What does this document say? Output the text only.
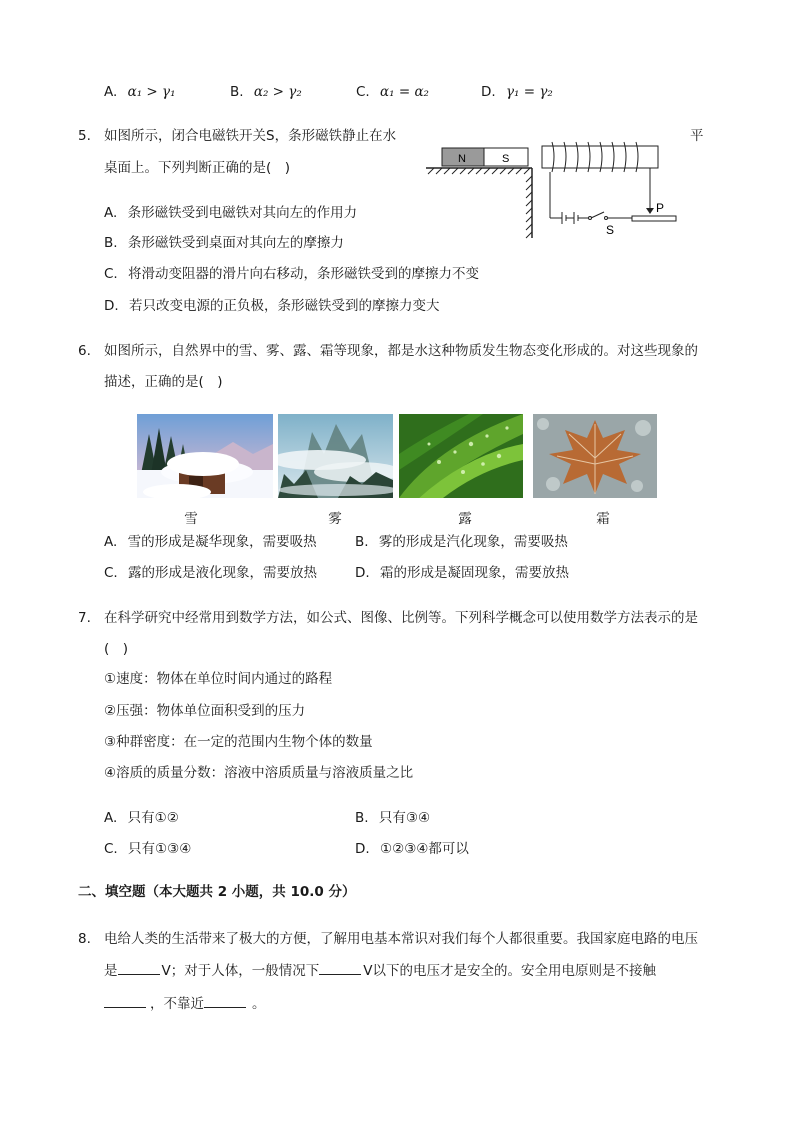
A. α₁ > γ₁	B. α₂ > γ₂	C. α₁ = α₂	D. γ₁ = γ₂
5. 如图所示，闭合电磁铁开关S，条形磁铁静止在水	平
桌面上。下列判断正确的是(　)
N	S
P
S
A. 条形磁铁受到电磁铁对其向左的作用力
B. 条形磁铁受到桌面对其向左的摩擦力
C. 将滑动变阻器的滑片向右移动，条形磁铁受到的摩擦力不变
D. 若只改变电源的正负极，条形磁铁受到的摩擦力变大
6. 如图所示，自然界中的雪、雾、露、霜等现象，都是水这种物质发生物态变化形成的。对这些现象的
描述，正确的是(　)
雪	雾	露	霜
A. 雪的形成是凝华现象，需要吸热	B. 雾的形成是汽化现象，需要吸热
C. 露的形成是液化现象，需要放热	D. 霜的形成是凝固现象，需要放热
7. 在科学研究中经常用到数学方法，如公式、图像、比例等。下列科学概念可以使用数学方法表示的是
(　)
①速度：物体在单位时间内通过的路程
②压强：物体单位面积受到的压力
③种群密度：在一定的范围内生物个体的数量
④溶质的质量分数：溶液中溶质质量与溶液质量之比
A. 只有①②	B. 只有③④
C. 只有①③④	D. ①②③④都可以
二、填空题（本大题共 2 小题，共 10.0 分）
8. 电给人类的生活带来了极大的方便，了解用电基本常识对我们每个人都很重要。我国家庭电路的电压
是	V；对于人体，一般情况下	V以下的电压才是安全的。安全用电原则是不接触
，不靠近	。
